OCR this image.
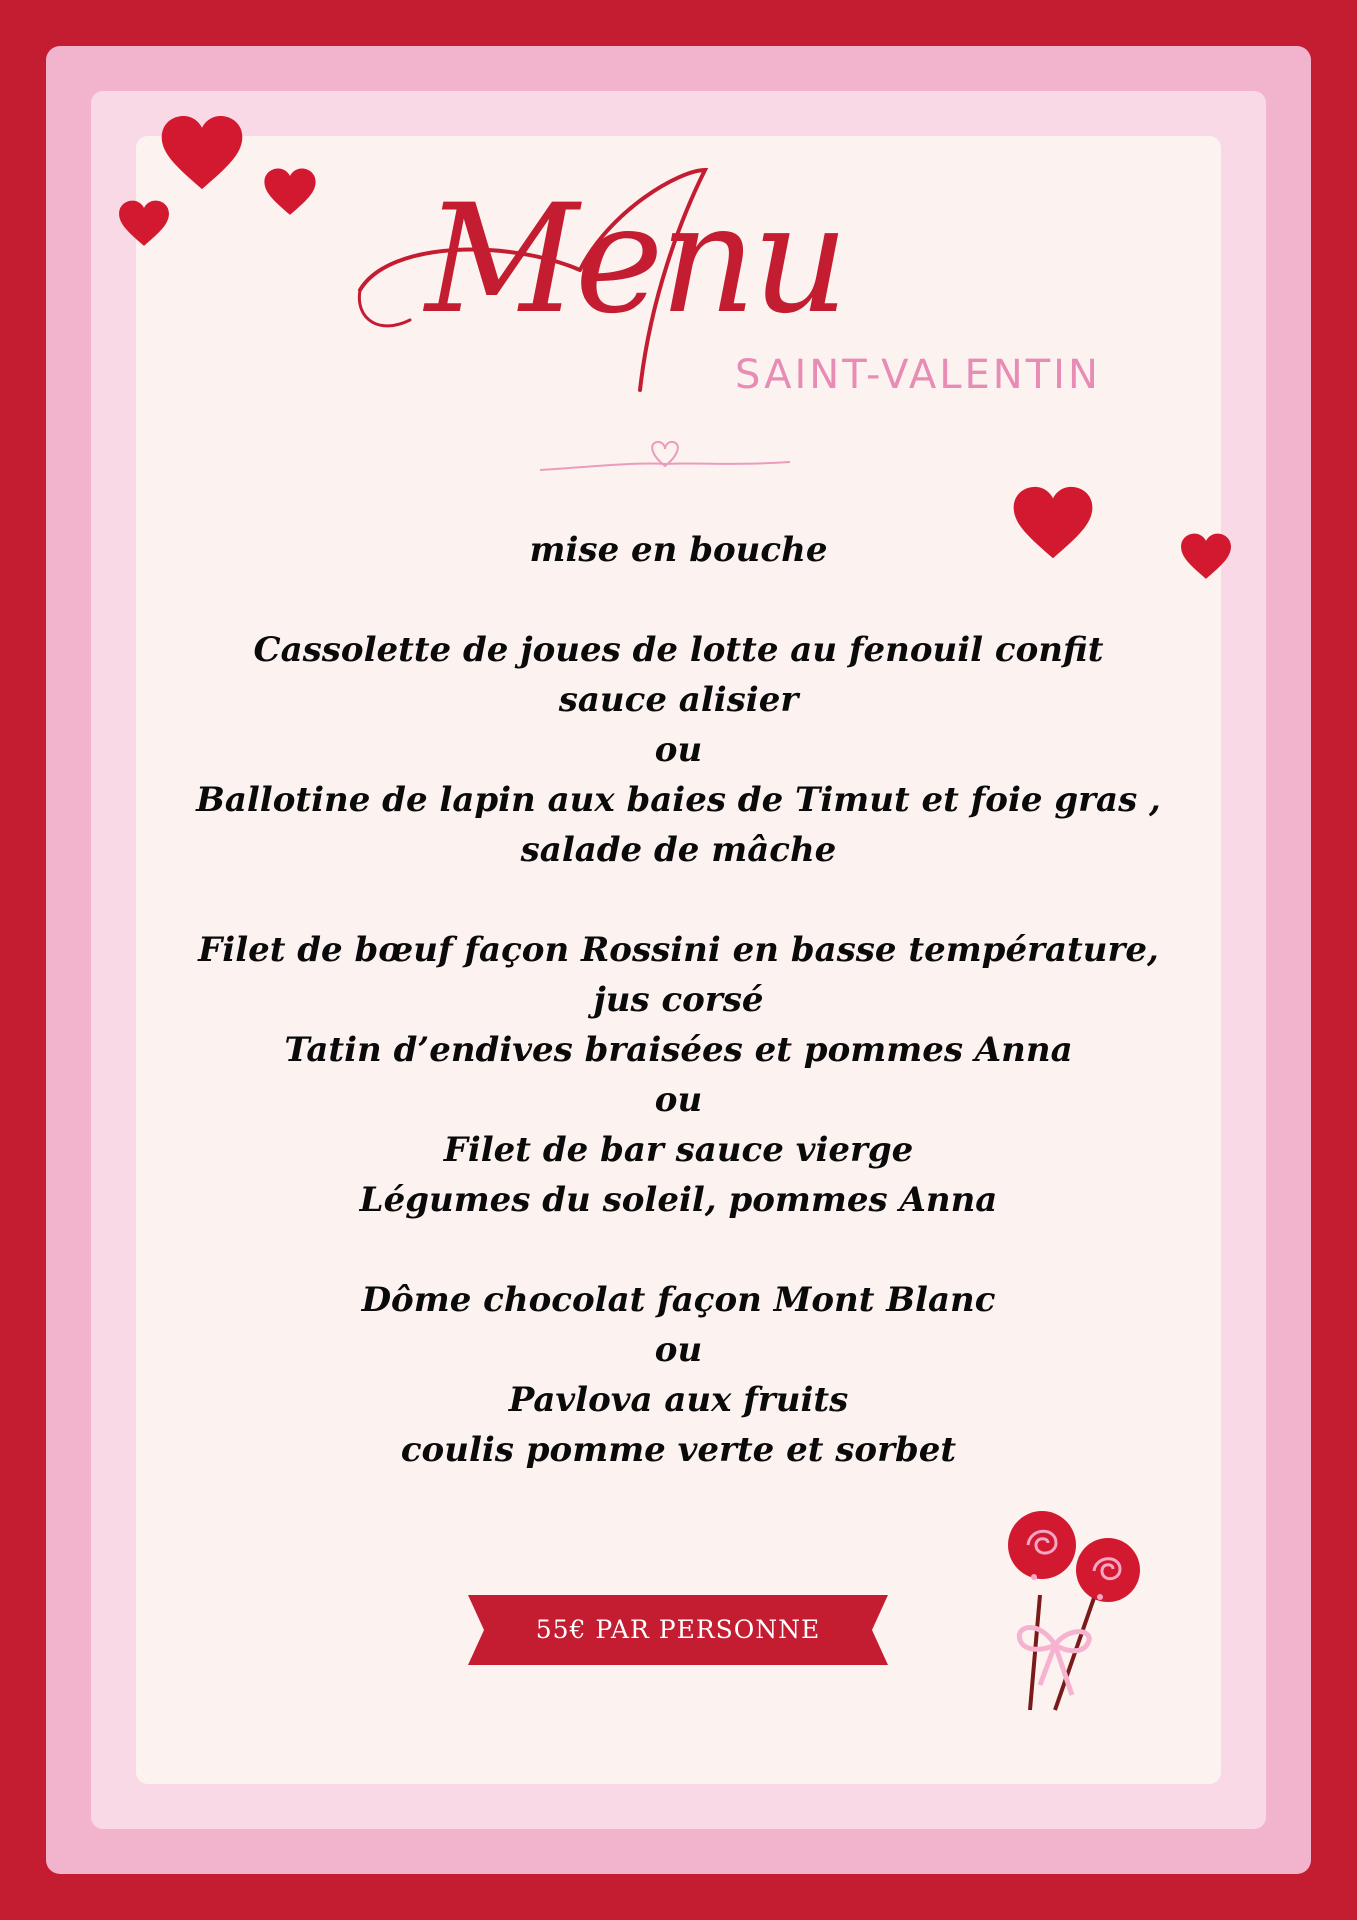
Menu
SAINT-VALENTIN
mise en bouche
Cassolette de joues de lotte au fenouil confit
sauce alisier
ou
Ballotine de lapin aux baies de Timut et foie gras ,
salade de mâche
Filet de bœuf façon Rossini en basse température,
jus corsé
Tatin d’endives braisées et pommes Anna
ou
Filet de bar sauce vierge
Légumes du soleil, pommes Anna
Dôme chocolat façon Mont Blanc
ou
Pavlova aux fruits
coulis pomme verte et sorbet
55€ PAR PERSONNE
